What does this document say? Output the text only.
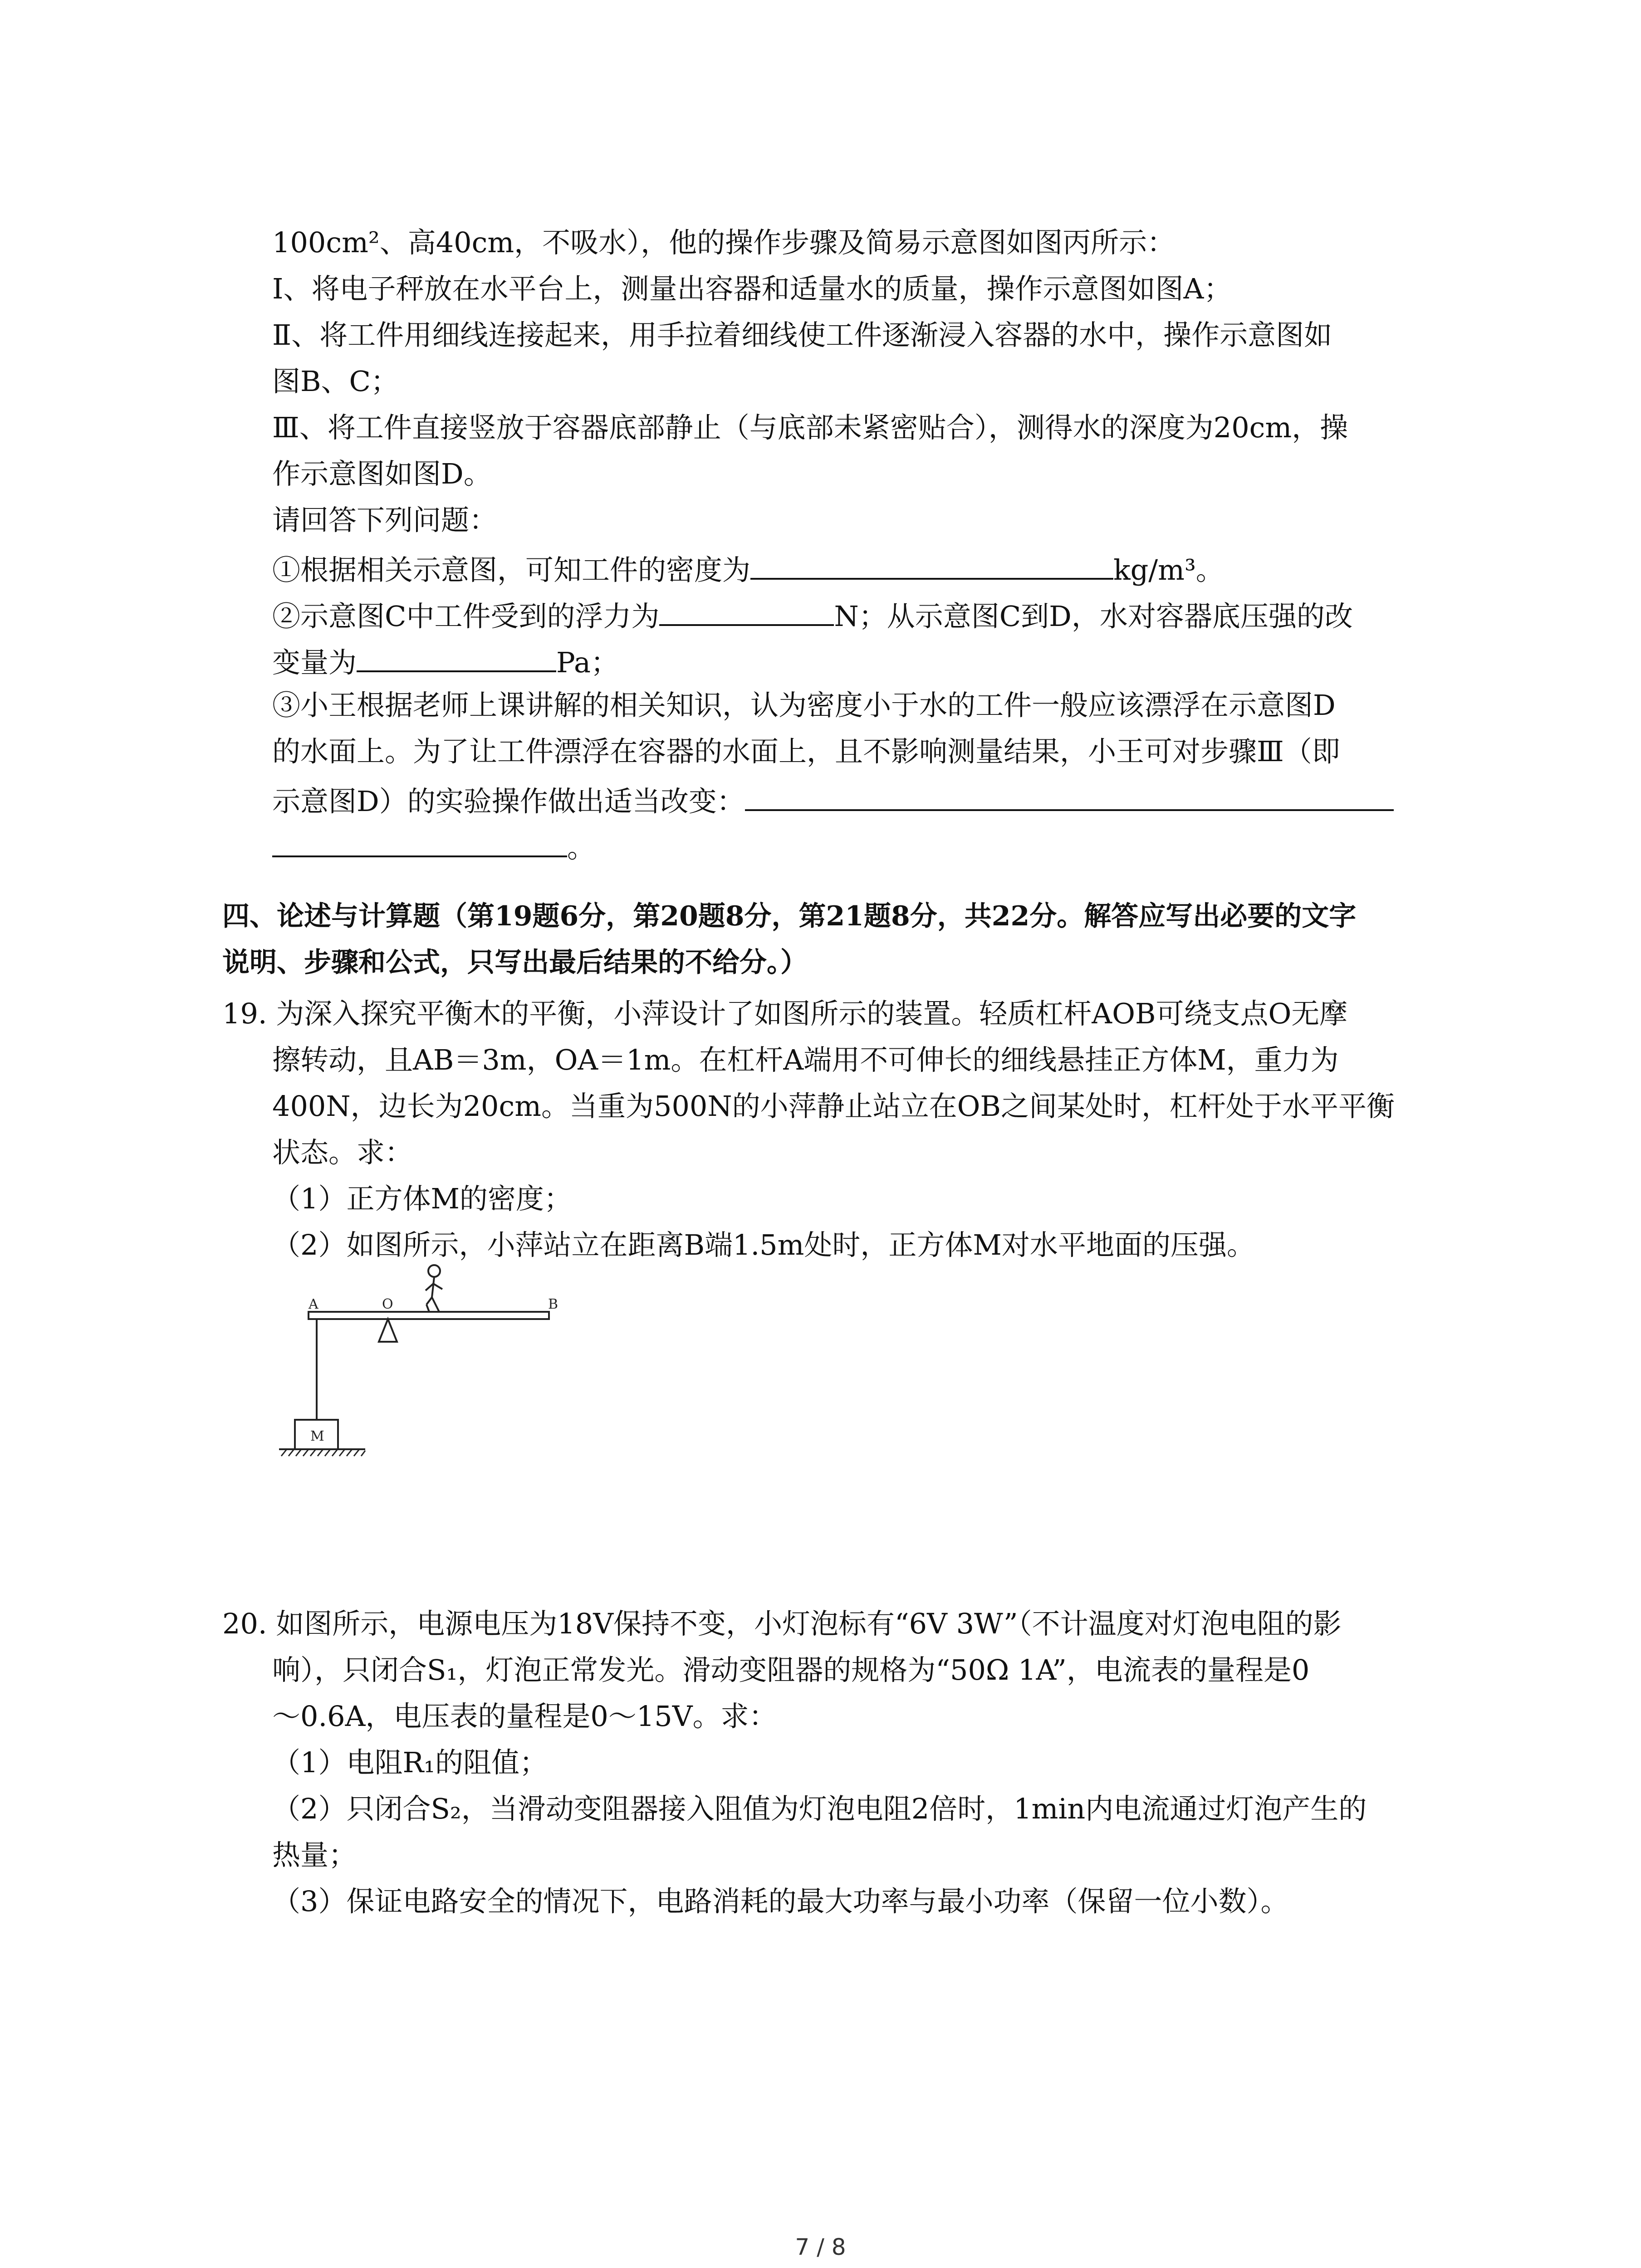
100cm²、高40cm，不吸水），他的操作步骤及简易示意图如图丙所示：
Ⅰ、将电子秤放在水平台上，测量出容器和适量水的质量，操作示意图如图A；
Ⅱ、将工件用细线连接起来，用手拉着细线使工件逐渐浸入容器的水中，操作示意图如
图B、C；
Ⅲ、将工件直接竖放于容器底部静止（与底部未紧密贴合），测得水的深度为20cm，操
作示意图如图D。
请回答下列问题：
①根据相关示意图，可知工件的密度为	kg/m³。
②示意图C中工件受到的浮力为	N；从示意图C到D，水对容器底压强的改
变量为	Pa；
③小王根据老师上课讲解的相关知识，认为密度小于水的工件一般应该漂浮在示意图D
的水面上。为了让工件漂浮在容器的水面上，且不影响测量结果，小王可对步骤Ⅲ（即
示意图D）的实验操作做出适当改变：
。
四、论述与计算题（第19题6分，第20题8分，第21题8分，共22分。解答应写出必要的文字
说明、步骤和公式，只写出最后结果的不给分。）
19. 为深入探究平衡木的平衡，小萍设计了如图所示的装置。轻质杠杆AOB可绕支点O无摩
擦转动，且AB＝3m，OA＝1m。在杠杆A端用不可伸长的细线悬挂正方体M，重力为
400N，边长为20cm。当重为500N的小萍静止站立在OB之间某处时，杠杆处于水平平衡
状态。求：
（1）正方体M的密度；
（2）如图所示，小萍站立在距离B端1.5m处时，正方体M对水平地面的压强。
A	O	B
M
20. 如图所示，电源电压为18V保持不变，小灯泡标有“6V 3W”（不计温度对灯泡电阻的影
响），只闭合S₁，灯泡正常发光。滑动变阻器的规格为“50Ω 1A”，电流表的量程是0
～0.6A，电压表的量程是0～15V。求：
（1）电阻R₁的阻值；
（2）只闭合S₂，当滑动变阻器接入阻值为灯泡电阻2倍时，1min内电流通过灯泡产生的
热量；
（3）保证电路安全的情况下，电路消耗的最大功率与最小功率（保留一位小数）。
7 / 8
